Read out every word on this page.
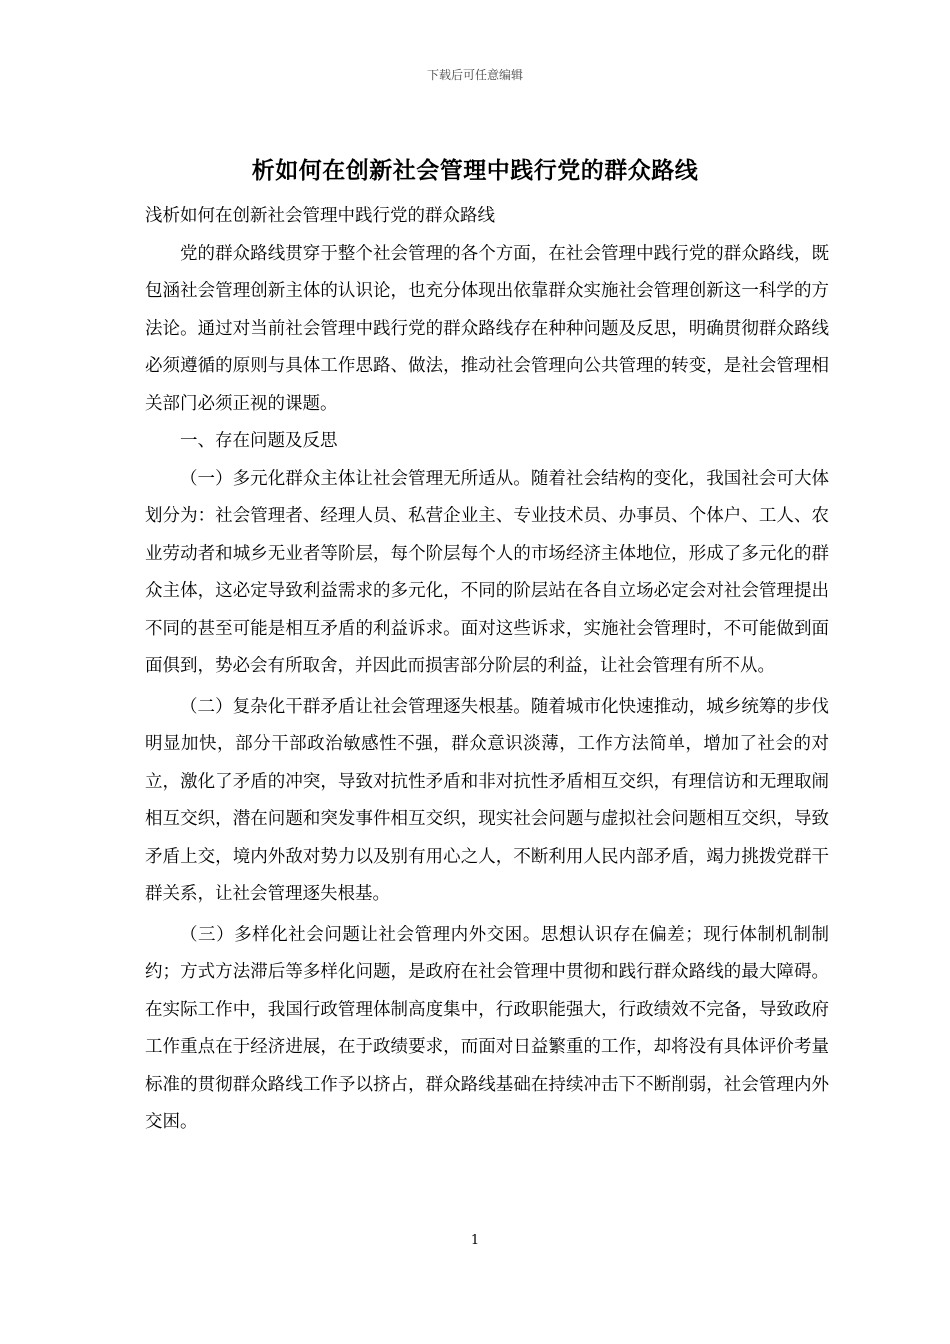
下载后可任意编辑
析如何在创新社会管理中践行党的群众路线

浅析如何在创新社会管理中践行党的群众路线

党的群众路线贯穿于整个社会管理的各个方面，在社会管理中践行党的群众路线，既包涵社会管理创新主体的认识论，也充分体现出依靠群众实施社会管理创新这一科学的方法论。通过对当前社会管理中践行党的群众路线存在种种问题及反思，明确贯彻群众路线必须遵循的原则与具体工作思路、做法，推动社会管理向公共管理的转变，是社会管理相关部门必须正视的课题。

一、存在问题及反思

（一）多元化群众主体让社会管理无所适从。随着社会结构的变化，我国社会可大体划分为：社会管理者、经理人员、私营企业主、专业技术员、办事员、个体户、工人、农业劳动者和城乡无业者等阶层，每个阶层每个人的市场经济主体地位，形成了多元化的群众主体，这必定导致利益需求的多元化，不同的阶层站在各自立场必定会对社会管理提出不同的甚至可能是相互矛盾的利益诉求。面对这些诉求，实施社会管理时，不可能做到面面俱到，势必会有所取舍，并因此而损害部分阶层的利益，让社会管理有所不从。

（二）复杂化干群矛盾让社会管理逐失根基。随着城市化快速推动，城乡统筹的步伐明显加快，部分干部政治敏感性不强，群众意识淡薄，工作方法简单，增加了社会的对立，激化了矛盾的冲突，导致对抗性矛盾和非对抗性矛盾相互交织，有理信访和无理取闹相互交织，潜在问题和突发事件相互交织，现实社会问题与虚拟社会问题相互交织，导致矛盾上交，境内外敌对势力以及别有用心之人，不断利用人民内部矛盾，竭力挑拨党群干群关系，让社会管理逐失根基。

（三）多样化社会问题让社会管理内外交困。思想认识存在偏差；现行体制机制制约；方式方法滞后等多样化问题，是政府在社会管理中贯彻和践行群众路线的最大障碍。在实际工作中，我国行政管理体制高度集中，行政职能强大，行政绩效不完备，导致政府工作重点在于经济进展，在于政绩要求，而面对日益繁重的工作，却将没有具体评价考量标准的贯彻群众路线工作予以挤占，群众路线基础在持续冲击下不断削弱，社会管理内外交困。

1
